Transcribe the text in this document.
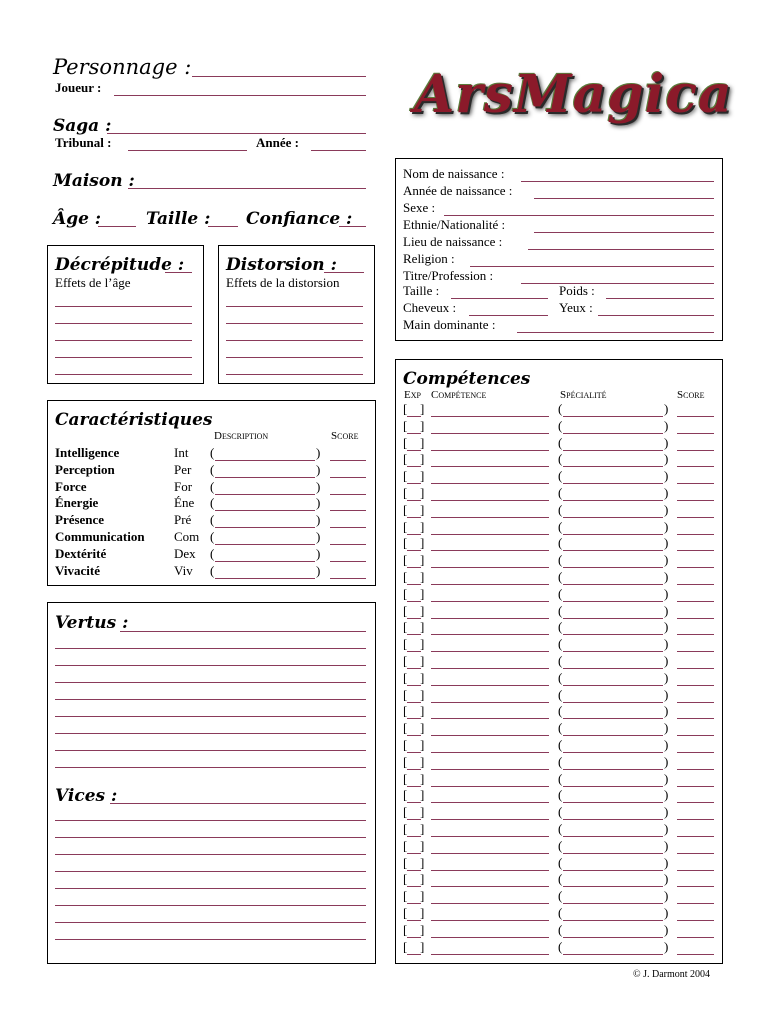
ArsMagica
Personnage :
Joueur :
Saga :
Tribunal :	Année :
Maison :
Âge :	Taille : Confiance :
Décrépitude :
Effets de l’âge
Distorsion :
Effets de la distorsion
Nom de naissance :
Année de naissance :
Sexe :
Ethnie/Nationalité :
Lieu de naissance :
Religion :
Titre/Profession :
Taille :	Poids :
Cheveux :	Yeux :
Main dominante :
Caractéristiques
Description	Score
Intelligence	Int (	)
Perception	Per (	)
Force	For (	)
Énergie	Éne (	)
Présence	Pré (	)
Communication Com (	)
Dextérité	Dex (	)
Vivacité	Viv (	)
Vertus :
Vices :
Compétences
Exp Compétence	Spécialité	Score
[ ]	(	)
[ ]	(	)
[ ]	(	)
[ ]	(	)
[ ]	(	)
[ ]	(	)
[ ]	(	)
[ ]	(	)
[ ]	(	)
[ ]	(	)
[ ]	(	)
[ ]	(	)
[ ]	(	)
[ ]	(	)
[ ]	(	)
[ ]	(	)
[ ]	(	)
[ ]	(	)
[ ]	(	)
[ ]	(	)
[ ]	(	)
[ ]	(	)
[ ]	(	)
[ ]	(	)
[ ]	(	)
[ ]	(	)
[ ]	(	)
[ ]	(	)
[ ]	(	)
[ ]	(	)
[ ]	(	)
[ ]	(	)
[ ]	(	)
© J. Darmont 2004
